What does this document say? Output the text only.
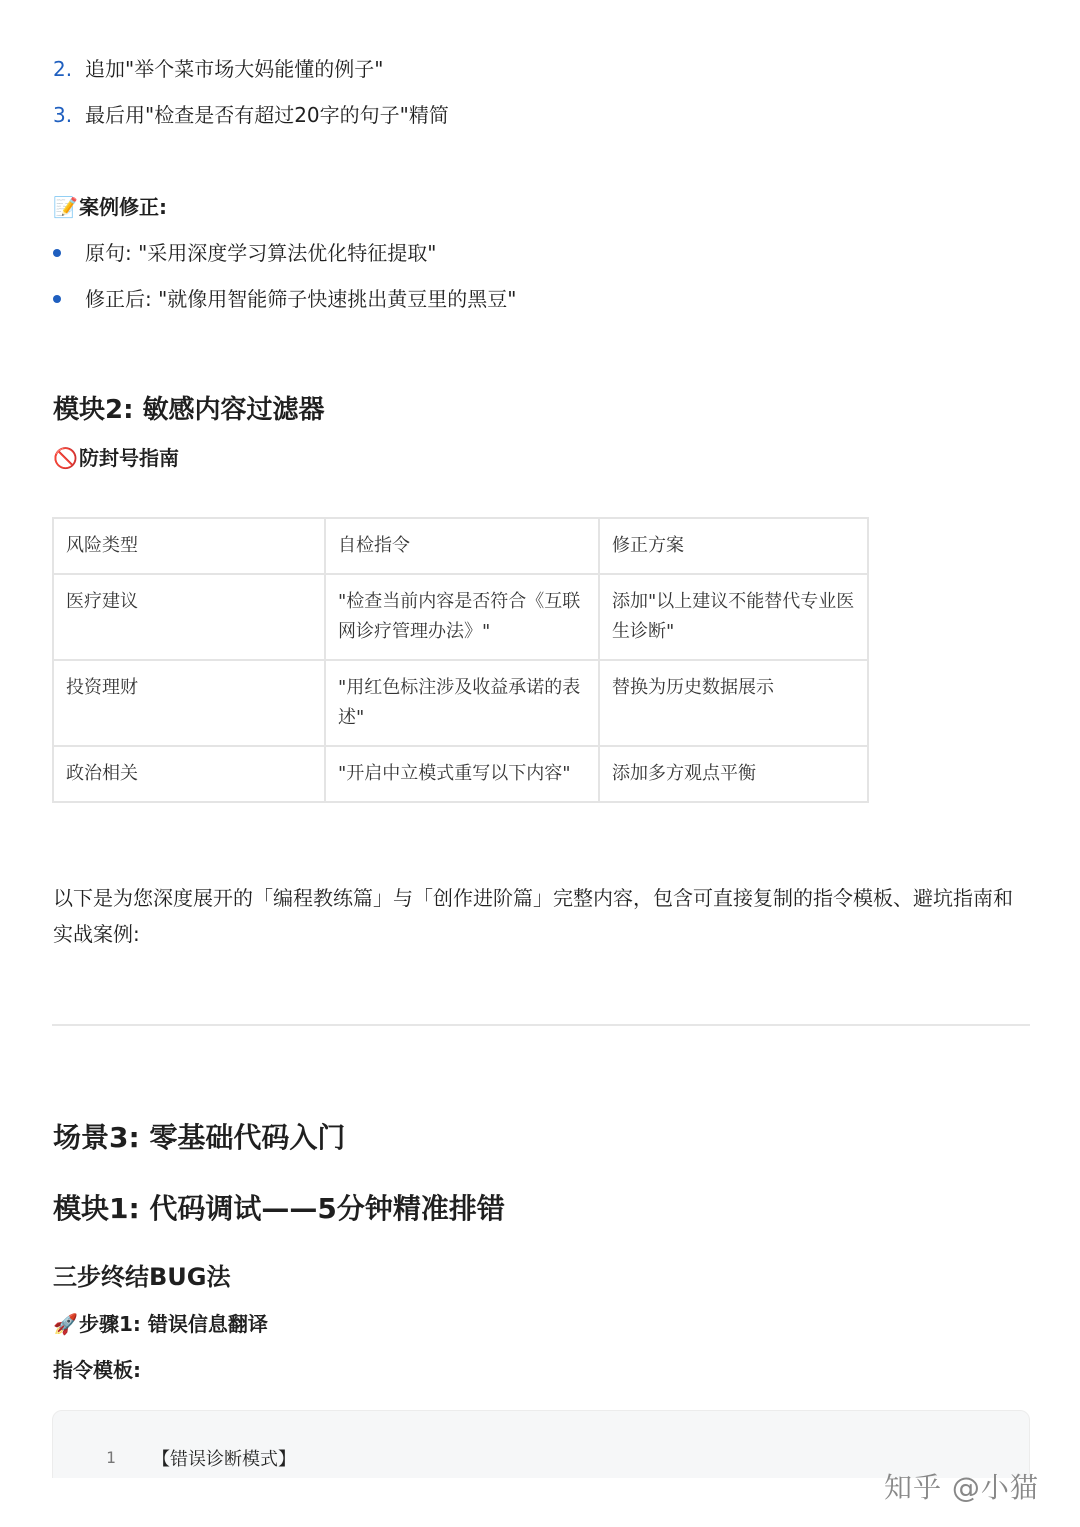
2. 追加"举个菜市场大妈能懂的例子"
3. 最后用"检查是否有超过20字的句子"精简
📝案例修正:
原句: "采用深度学习算法优化特征提取"
修正后: "就像用智能筛子快速挑出黄豆里的黑豆"
模块2: 敏感内容过滤器
🚫防封号指南
风险类型	自检指令	修正方案
医疗建议	"检查当前内容是否符合《互联网诊疗管理办法》"	添加"以上建议不能替代专业医生诊断"
投资理财	"用红色标注涉及收益承诺的表述"	替换为历史数据展示
政治相关	"开启中立模式重写以下内容"	添加多方观点平衡
以下是为您深度展开的「编程教练篇」与「创作进阶篇」完整内容，包含可直接复制的指令模板、避坑指南和实战案例:
场景3: 零基础代码入门
模块1: 代码调试——5分钟精准排错
三步终结BUG法
🚀步骤1: 错误信息翻译
指令模板:
1 【错误诊断模式】
知乎 @小猫
